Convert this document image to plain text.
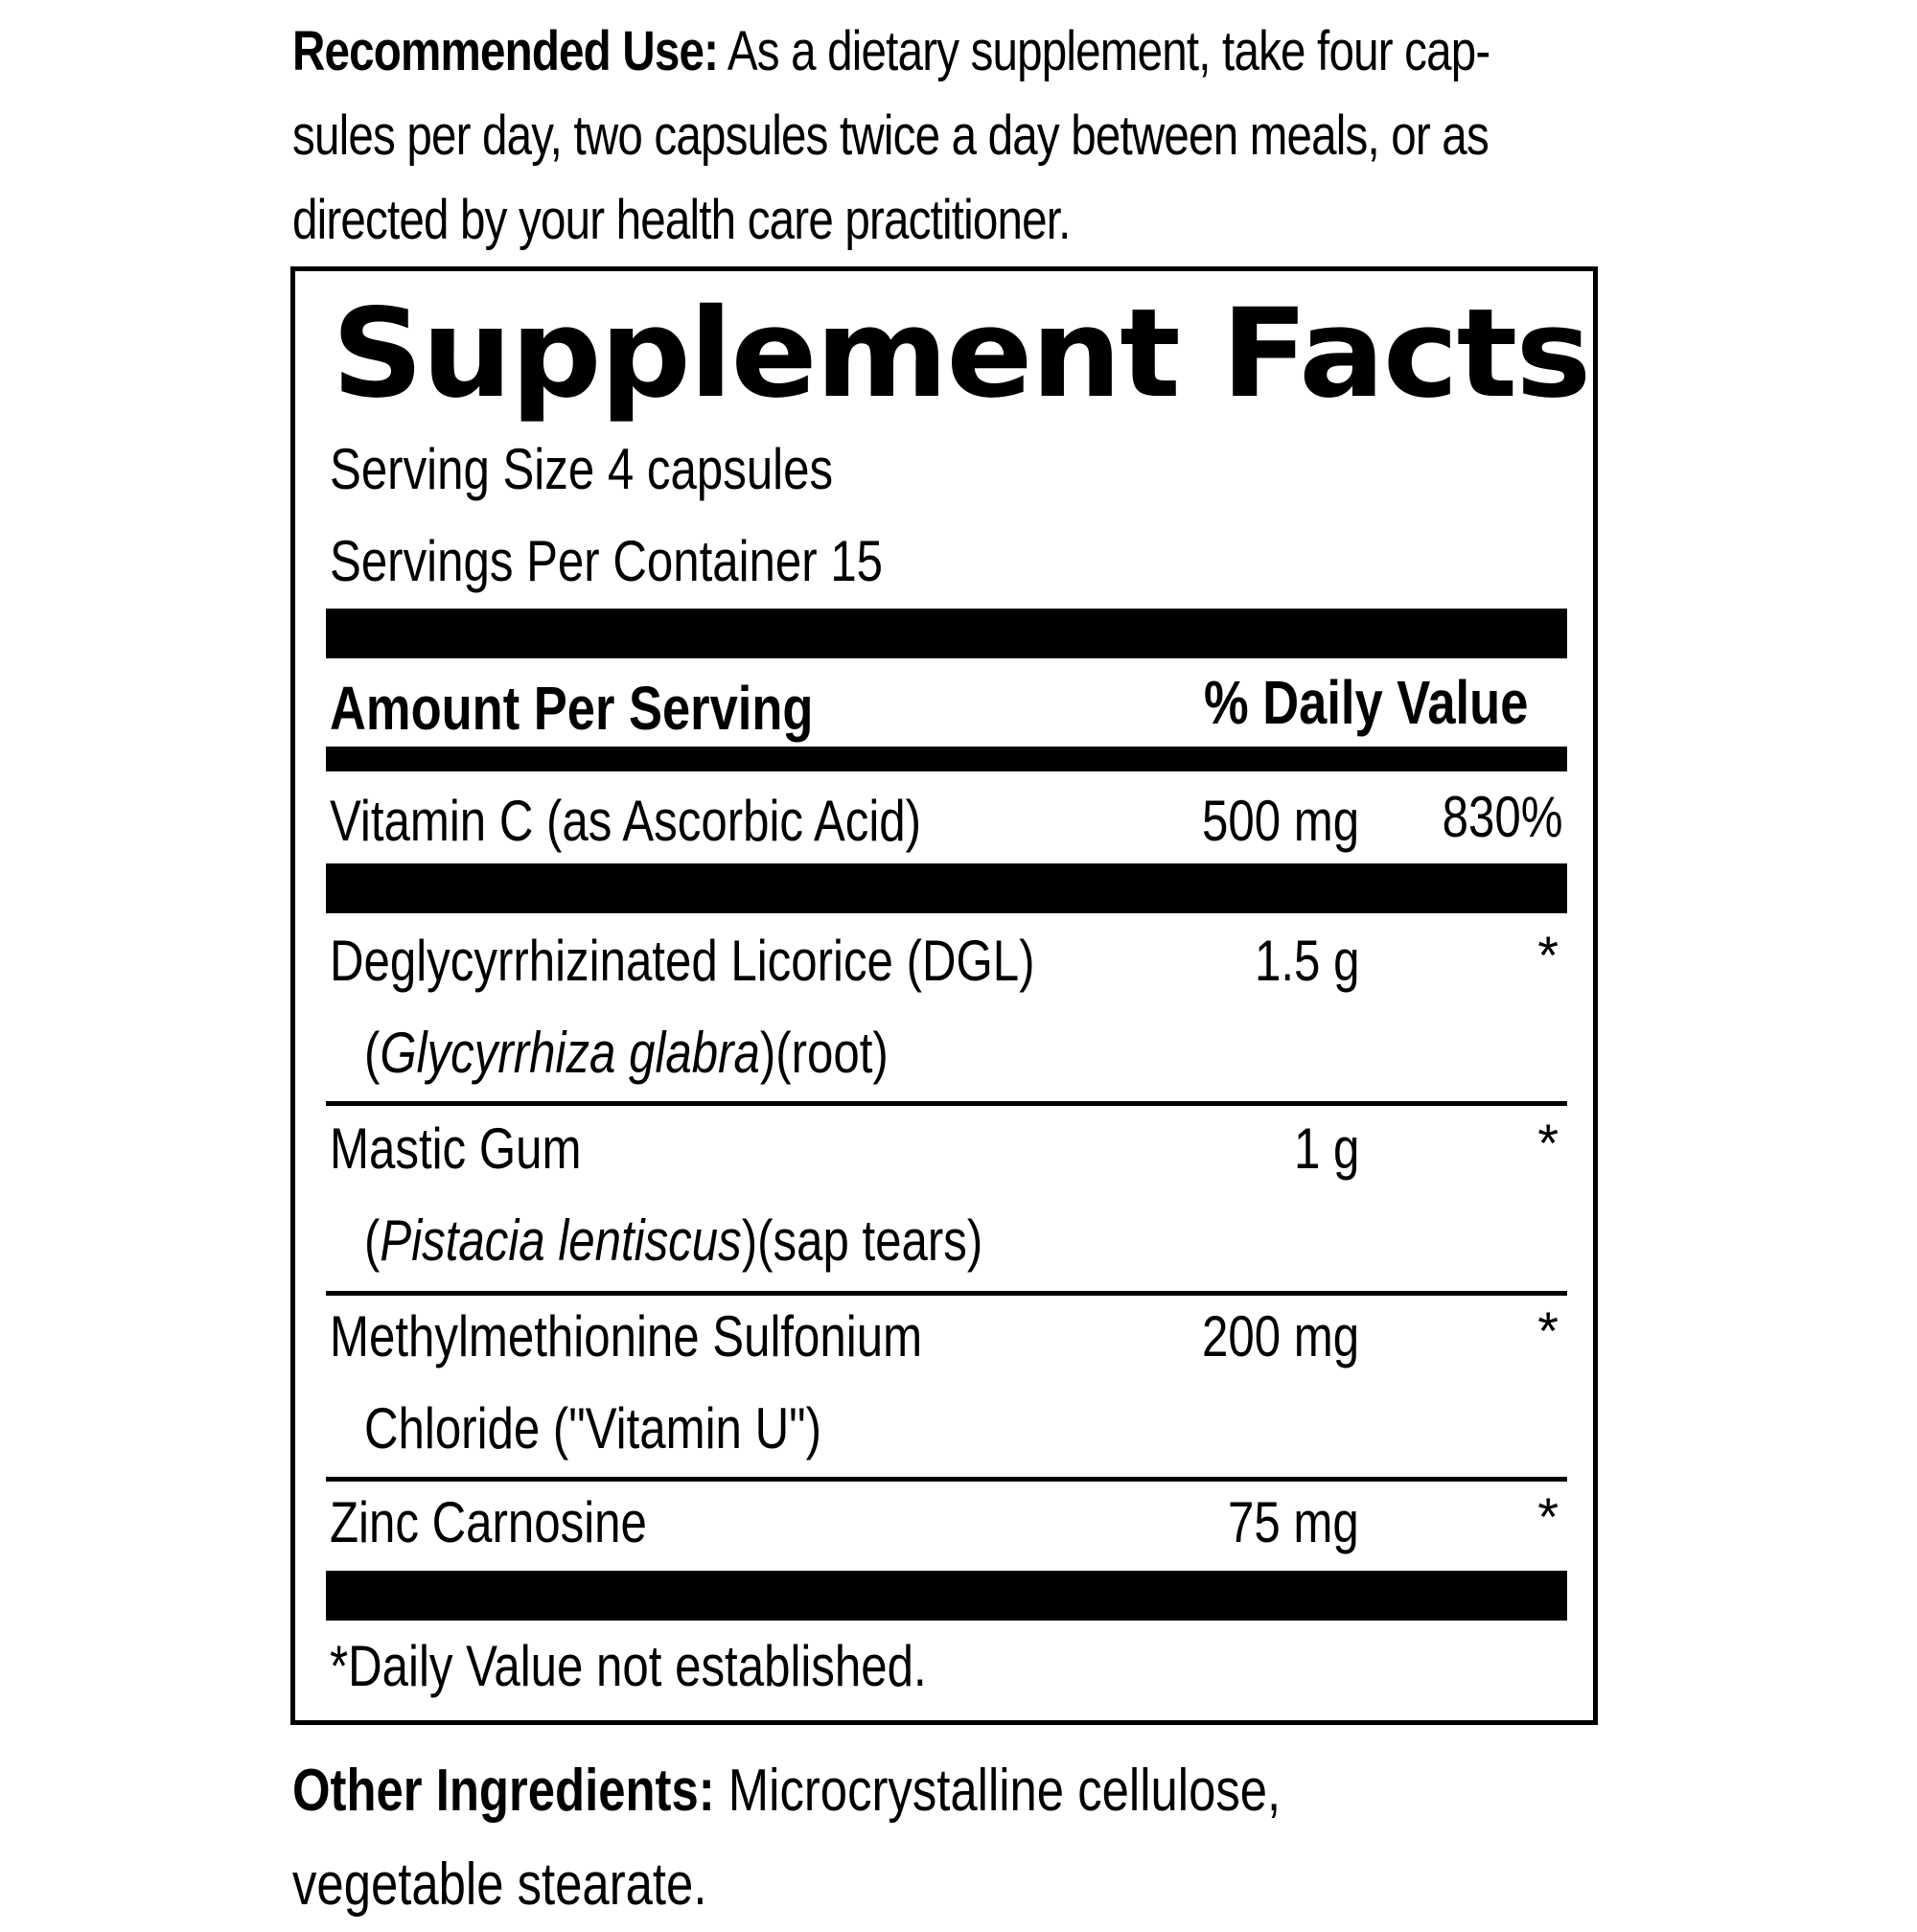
Recommended Use: As a dietary supplement, take four cap-
sules per day, two capsules twice a day between meals, or as
directed by your health care practitioner.
Supplement Facts
Serving Size 4 capsules
Servings Per Container 15
Amount Per Serving	% Daily Value
Vitamin C (as Ascorbic Acid)	500 mg 830%
Deglycyrrhizinated Licorice (DGL)
(Glycyrrhiza glabra)(root)
1.5 g	*
Mastic Gum
(Pistacia lentiscus)(sap tears)
1 g	*
Methylmethionine Sulfonium
Chloride ("Vitamin U")
200 mg	*
Zinc Carnosine	75 mg	*
*Daily Value not established.
Other Ingredients: Microcrystalline cellulose,
vegetable stearate.
